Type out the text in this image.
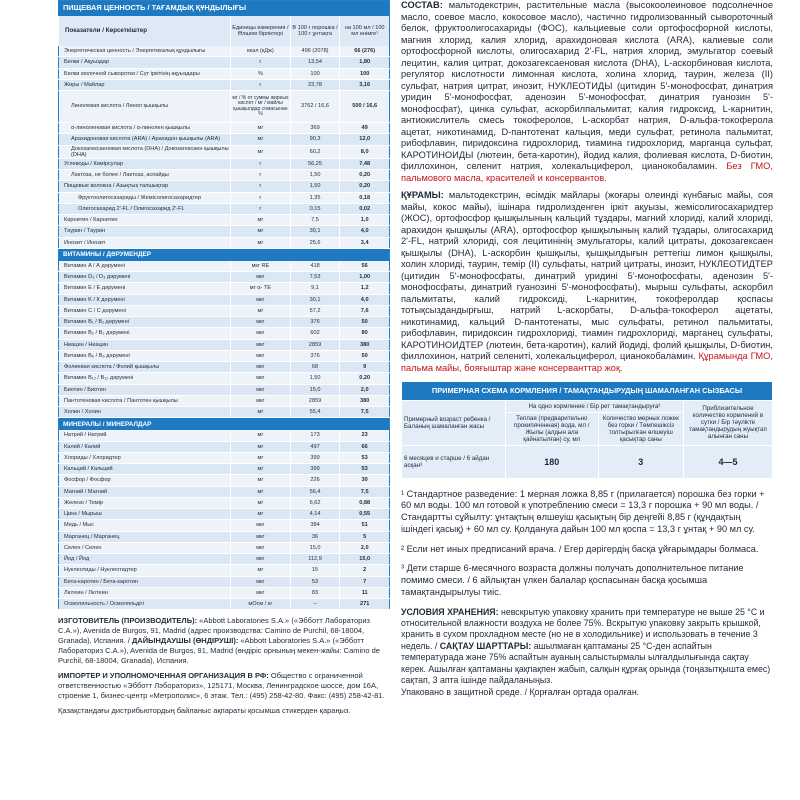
ПИЩЕВАЯ ЦЕННОСТЬ / ТАҒАМДЫҚ ҚҰНДЫЛЫҒЫ			
Показатели / Көрсеткіштер	Единицы измерения / Өлшем бірліктері	В 100 г порошка / 100 г ұнтақта	на 100 мл / 100 мл өнімге¹
Энергетическая ценность / Энергетикалық құндылығы	ккал (кДж)	496 (2078)	66 (276)
Белки / Ақуыздар	г	13,54	1,80
Белки молочной сыворотки / Сүт іркітінің ақуыздары	%	100	100
Жиры / Майлар	г	23,78	3,16
Линолевая кислота / Линол қышқылы	мг / % от суммы жирных кислот / мг / майлы қышқылдар сомасынан %	3762 / 16,6	500 / 16,6
α-линоленовая кислота / α-линолен қышқылы	мг	369	49
Арахидоновая кислота (ARA) / Арахидон қышқылы (ARA)	мг	90,3	12,0
Докозагексаеновая кислота (DHA) / Докозагексаен қышқылы (DHA)	мг	60,2	8,0
Углеводы / Көмірсулар	г	56,25	7,48
Лактоза, не более / Лактоза, аспайды	г	1,50	0,20
Пищевые волокна / Азықтық талшықтар	г	1,50	0,20
Фруктоолигосахариды / Жемісолигосахаридтер	г	1,35	0,18
Олигосахарид 2'-FL / Олигосахарид 2'-FL	г	0,15	0,02
Карнитин / Карнитин	мг	7,5	1,0
Таурин / Таурин	мг	30,1	4,0
Инозит / Инозит	мг	25,6	3,4
ВИТАМИНЫ / ДӘРУМЕНДЕР			
Витамин A / А дәрумені	мкг RE	418	56
Витамин D₃ / D₃ дәрумені	мкг	7,53	1,00
Витамин E / Е дәрумені	мг α- TE	9,1	1,2
Витамин K / К дәрумені	мкг	30,1	4,0
Витамин C / С дәрумені	мг	57,2	7,6
Витамин B₁ / B₁ дәрумені	мкг	376	50
Витамин B₂ / B₂ дәрумені	мкг	602	80
Ниацин / Ниацин	мкг	2859	380
Витамин B₆ / B₆ дәрумені	мкг	376	50
Фолиевая кислота / Фолий қышқылы	мкг	68	9
Витамин B₁₂ / B₁₂ дәрумені	мкг	1,50	0,20
Биотин / Биотин	мкг	15,0	2,0
Пантотеновая кислота / Пантотен қышқылы	мкг	2859	380
Холин / Холин	мг	55,4	7,5
МИНЕРАЛЫ / МИНЕРАЛДАР			
Натрий / Натрий	мг	173	23
Калий / Калий	мг	497	66
Хлориды / Хлоридтер	мг	399	53
Кальций / Кальций	мг	399	53
Фосфор / Фосфор	мг	226	30
Магний / Магний	мг	56,4	7,5
Железо / Темір	мг	6,62	0,88
Цинк / Мырыш	мг	4,14	0,55
Медь / Мыс	мкг	384	51
Марганец / Марганец	мкг	36	5
Селен / Селен	мкг	15,0	2,0
Йод / Йод	мкг	112,9	15,0
Нуклеотиды / Нуклеотидтер	мг	15	2
Бета-каротин / Бета-каротин	мкг	53	7
Лютеин / Лютеин	мкг	83	11
Осмоляльность / Осмоляльдігі	мОсм / кг	–	271

ИЗГОТОВИТЕЛЬ (ПРОИЗВОДИТЕЛЬ): «Abbott Laboratories S.A.» («Эбботт Лабораториз С.А.»), Avenida de Burgos, 91, Madrid (адрес производства: Camino de Purchil, 68-18004, Granada), Испания. / ДАЙЫНДАУШЫ (ӨНДІРУШІ): «Abbott Laboratories S.A.» («Эбботт Лабораториз С.А.»), Avenida de Burgos, 91, Madrid (өндіріс орнының мекен-жайы: Camino de Purchil, 68-18004, Granada), Испания.

ИМПОРТЕР И УПОЛНОМОЧЕННАЯ ОРГАНИЗАЦИЯ В РФ: Общество с ограниченной ответственностью «Эбботт Лэбораториз», 125171, Москва, Ленинградское шоссе, дом 16А, строение 1, бизнес-центр «Метрополис», 6 этаж. Тел.: (495) 258-42-80. Факс: (495) 258-42-81.

Қазақстандағы дистрибьютордың байланыс ақпараты қосымша стикерден қараңыз.

СОСТАВ: мальтодекстрин, растительные масла (высокоолеиновое подсолнечное масло, соевое масло, кокосовое масло), частично гидролизованный сывороточный белок, фруктоолигосахариды (ФОС), кальциевые соли ортофосфорной кислоты, магния хлорид, калия хлорид, арахидоновая кислота (ARA), калиевые соли ортофосфорной кислоты, олигосахарид 2'-FL, натрия хлорид, эмульгатор соевый лецитин, калия цитрат, докозагексаеновая кислота (DHA), L-аскорбиновая кислота, регулятор кислотности лимонная кислота, холина хлорид, таурин, железа (II) сульфат, натрия цитрат, инозит, НУКЛЕОТИДЫ (цитидин 5'-монофосфат, динатрия уридин 5'-монофосфат, аденозин 5'-монофосфат, динатрия гуанозин 5'-монофосфат), цинка сульфат, аскорбилпальмитат, калия гидроксид, L-карнитин, антиокислитель смесь токоферолов, L-аскорбат натрия, D-альфа-токоферола ацетат, никотинамид, D-пантотенат кальция, меди сульфат, ретинола пальмитат, рибофлавин, пиридоксина гидрохлорид, тиамина гидрохлорид, марганца сульфат, КАРОТИНОИДЫ (лютеин, бета-каротин), йодид калия, фолиевая кислота, D-биотин, филлохинон, селенит натрия, холекальциферол, цианокобаламин. Без ГМО, пальмового масла, красителей и консервантов.

ҚҰРАМЫ: мальтодекстрин, өсімдік майлары (жоғары олеинді күнбағыс майы, соя майы, кокос майы), ішінара гидролизденген іркіт ақуызы, жемісолигосахаридтер (ЖОС), ортофосфор қышқылының кальций тұздары, магний хлориді, калий хлориді, арахидон қышқылы (ARA), ортофосфор қышқылының калий тұздары, олигосахарид 2'-FL, натрий хлориді, соя лецитинінің эмульгаторы, калий цитраты, докозагексаен қышқылы (DHA), L-аскорбин қышқылы, қышқылдығын реттегіш лимон қышқылы, холин хлориді, таурин, темір (II) сульфаты, натрий цитраты, инозит, НУКЛЕОТИДТЕР (цитидин 5'-монофосфаты, динатрий уридинi 5'-монофосфаты, аденозин 5'-монофосфаты, динатрий гуанозині 5'-монофосфаты), мырыш сульфаты, аскорбил пальмитаты, калий гидроксиді, L-карнитин, токоферолдар қоспасы тотықсыздандырғыш, натрий L-аскорбаты, D-альфа-токоферол ацетаты, никотинамид, кальций D-пантотенаты, мыс сульфаты, ретинол пальмитаты, рибофлавин, пиридоксин гидрохлориді, тиамин гидрохлориді, марганец сульфаты, КАРОТИНОИДТЕР (лютеин, бета-каротин), калий йодиді, фолий қышқылы, D-биотин, филлохинон, натрий селениті, холекальциферол, цианокобаламин. Құрамында ГМО, пальма майы, бояғыштар және консерванттар жоқ.

ПРИМЕРНАЯ СХЕМА КОРМЛЕНИЯ / ТАМАҚТАНДЫРУДЫҢ ШАМАЛАНҒАН СЫЗБАСЫ			
Примерный возраст ребенка / Баланың шамаланған жасы	На одно кормление / Бір рет тамақтандыруға²		Приблизительное количество кормлений в сутки / Бір тәулікте тамақтандырудың жуықтап алынған саны
	Теплая (предварительно прокипяченная) вода, мл / Жылы (алдын ала қайнатылған) су, мл	Количество мерных ложек без горки / Төмпешіксіз толтырылған өлшеуіш қасықтар саны	
6 месяцев и старше / 6 айдан асқан³	180	3	4—5

¹ Стандартное разведение: 1 мерная ложка 8,85 г (прилагается) порошка без горки + 60 мл воды. 100 мл готовой к употреблению смеси = 13,3 г порошка + 90 мл воды. / Стандартты сұйылту: ұнтақтың өлшеуіш қасықтың бір деңгейі 8,85 г (құндақтың ішіндегі қасық) + 60 мл су. Қолдануға дайын 100 мл қоспа = 13,3 г ұнтақ + 90 мл су.

² Если нет иных предписаний врача. / Егер дәрігердің басқа ұйғарымдары болмаса.

³ Дети старше 6-месячного возраста должны получать дополнительное питание помимо смеси. / 6 айлықтан үлкен балалар қоспасынан басқа қосымша тамақтандырылуы тиіс.

УСЛОВИЯ ХРАНЕНИЯ: невскрытую упаковку хранить при температуре не выше 25 °С и относительной влажности воздуха не более 75%. Вскрытую упаковку закрыть крышкой, хранить в сухом прохладном месте (но не в холодильнике) и использовать в течение 3 недель. / САҚТАУ ШАРТТАРЫ: ашылмаған қаптаманы 25 °С-ден аспайтын температурада және 75% аспайтын ауаның салыстырмалы ылғалдылығында сақтау керек. Ашылған қаптаманы қақпақпен жабып, салқын құрғақ орында (тоңазытқышта емес) сақтап, 3 апта ішінде пайдаланыңыз.

Упаковано в защитной среде. / Қорғалған ортада оралған.
